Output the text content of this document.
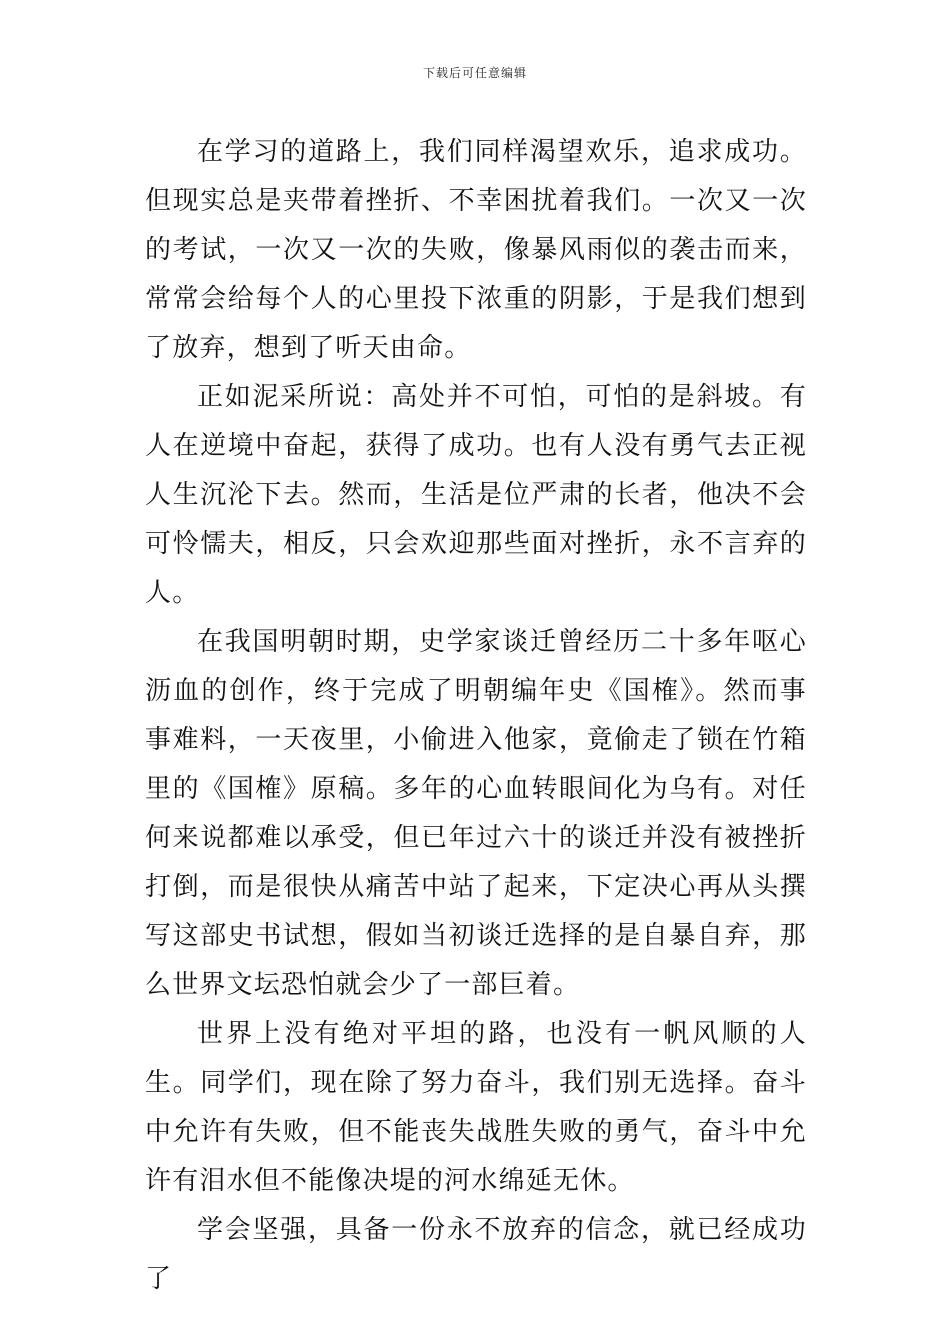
下载后可任意编辑

在学习的道路上，我们同样渴望欢乐，追求成功。但现实总是夹带着挫折、不幸困扰着我们。一次又一次的考试，一次又一次的失败，像暴风雨似的袭击而来，常常会给每个人的心里投下浓重的阴影，于是我们想到了放弃，想到了听天由命。

正如泥采所说：高处并不可怕，可怕的是斜坡。有人在逆境中奋起，获得了成功。也有人没有勇气去正视人生沉沦下去。然而，生活是位严肃的长者，他决不会可怜懦夫，相反，只会欢迎那些面对挫折，永不言弃的人。

在我国明朝时期，史学家谈迁曾经历二十多年呕心沥血的创作，终于完成了明朝编年史《国榷》。然而事事难料，一天夜里，小偷进入他家，竟偷走了锁在竹箱里的《国榷》原稿。多年的心血转眼间化为乌有。对任何来说都难以承受，但已年过六十的谈迁并没有被挫折打倒，而是很快从痛苦中站了起来，下定决心再从头撰写这部史书试想，假如当初谈迁选择的是自暴自弃，那么世界文坛恐怕就会少了一部巨着。

世界上没有绝对平坦的路，也没有一帆风顺的人生。同学们，现在除了努力奋斗，我们别无选择。奋斗中允许有失败，但不能丧失战胜失败的勇气，奋斗中允许有泪水但不能像决堤的河水绵延无休。

学会坚强，具备一份永不放弃的信念，就已经成功了
